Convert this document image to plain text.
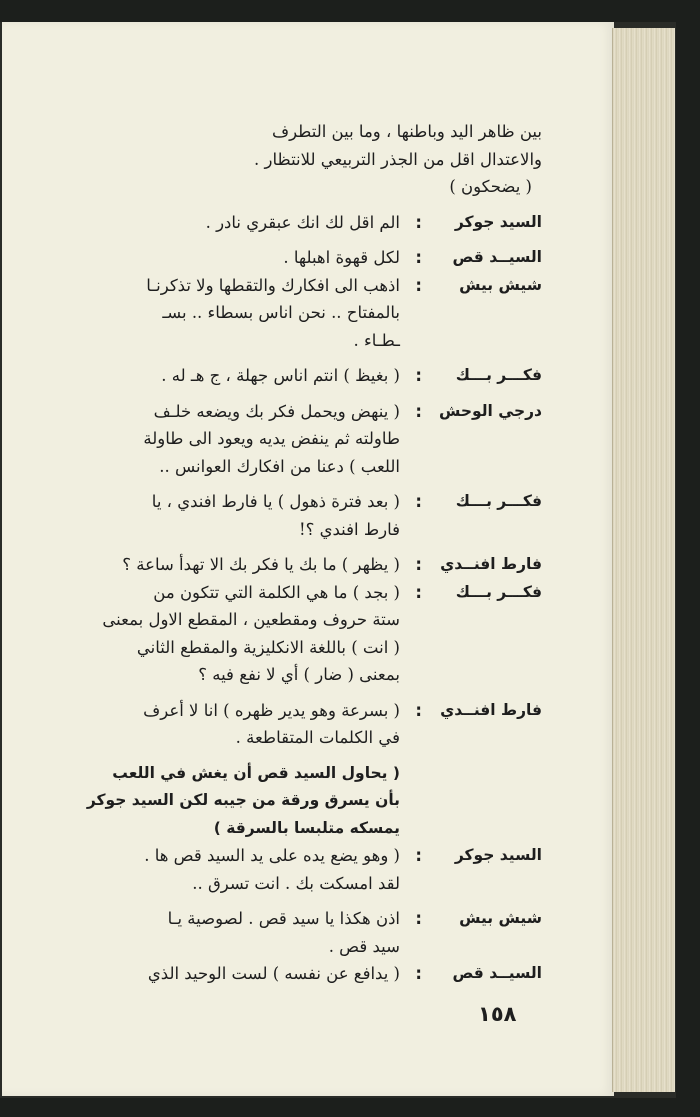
بين ظاهر اليد وباطنها ، وما بين التطرف
والاعتدال اقل من الجذر التربيعي للانتظار .
( يضحكون )
السيد جوكر
:
الم اقل لك انك عبقري نادر .
السيــد قص
:
لكل قهوة اهبلها .
شيش بيش
:
اذهب الى افكارك والتقطها ولا تذكرنـا
بالمفتاح .. نحن اناس بسطاء .. بسـ
ـطـاء .
فكـــر بـــك
:
( بغيظ ) انتم اناس جهلة ، ج هـ له .
درجي الوحش
:
( ينهض ويحمل فكر بك ويضعه خلـف
طاولته ثم ينفض يديه ويعود الى طاولة
اللعب ) دعنا من افكارك العوانس ..
فكـــر بـــك
:
( بعد فترة ذهول ) يا فارط افندي ، يا
فارط افندي ؟!
فارط افنــدي
:
( يظهر ) ما بك يا فكر بك الا تهدأ ساعة ؟
فكـــر بـــك
:
( بجد ) ما هي الكلمة التي تتكون من
ستة حروف ومقطعين ، المقطع الاول بمعنى
( انت ) باللغة الانكليزية والمقطع الثاني
بمعنى ( ضار ) أي لا نفع فيه ؟
فارط افنــدي
:
( بسرعة وهو يدير ظهره ) انا لا أعرف
في الكلمات المتقاطعة .
( يحاول السيد قص أن يغش في اللعب
بأن يسرق ورقة من جيبه لكن السيد جوكر
يمسكه متلبسا بالسرقة )
السيد جوكر
:
( وهو يضع يده على يد السيد قص ها .
لقد امسكت بك . انت تسرق ..
شيش بيش
:
اذن هكذا يا سيد قص . لصوصية يـا
سيد قص .
السيــد قص
:
( يدافع عن نفسه ) لست الوحيد الذي
١٥٨
